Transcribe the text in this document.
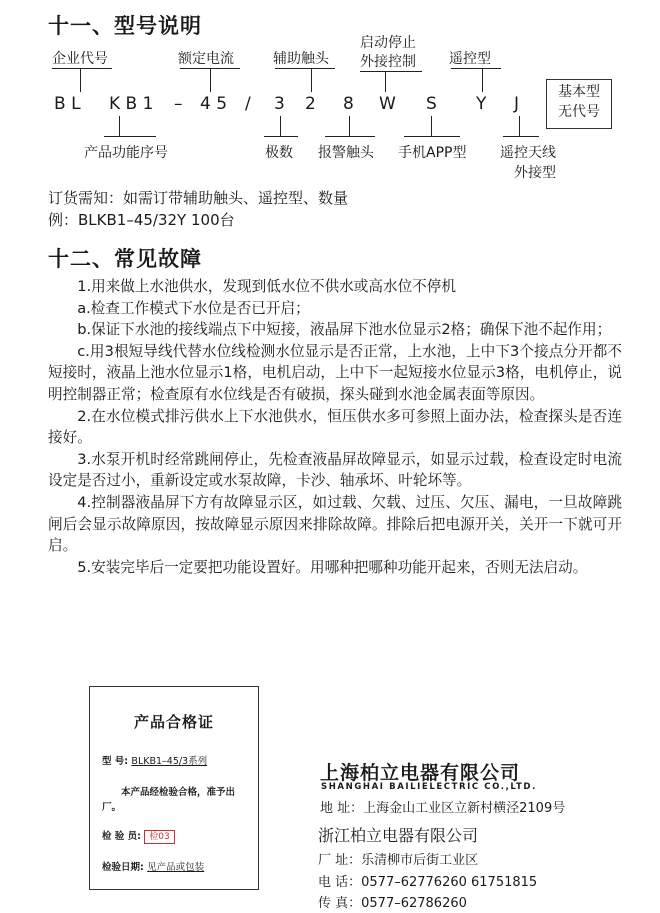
十一、型号说明
企业代号	额定电流	辅助触头
启动停止
外接控制 遥控型
B L K B 1 – 4 5 / 3 2 8 W S Y J
基本型
无代号
产品功能序号	极数 报警触头 手机APP型 遥控天线
外接型
订货需知：如需订带辅助触头、遥控型、数量
例：BLKB1–45/32Y 100台
十二、常见故障

1.用来做上水池供水，发现到低水位不供水或高水位不停机

a.检查工作模式下水位是否已开启；

b.保证下水池的接线端点下中短接，液晶屏下池水位显示2格；确保下池不起作用；

c.用3根短导线代替水位线检测水位显示是否正常，上水池，上中下3个接点分开都不短接时，液晶上池水位显示1格，电机启动，上中下一起短接水位显示3格，电机停止，说明控制器正常；检查原有水位线是否有破损，探头碰到水池金属表面等原因。

2.在水位模式排污供水上下水池供水，恒压供水多可参照上面办法，检查探头是否连接好。

3.水泵开机时经常跳闸停止，先检查液晶屏故障显示，如显示过载，检查设定时电流设定是否过小，重新设定或水泵故障，卡沙、轴承坏、叶轮坏等。

4.控制器液晶屏下方有故障显示区，如过载、欠载、过压、欠压、漏电，一旦故障跳闸后会显示故障原因，按故障显示原因来排除故障。排除后把电源开关，关开一下就可开启。

5.安装完毕后一定要把功能设置好。用哪种把哪种功能开起来，否则无法启动。

产品合格证
型 号: BLKB1–45/3系列
本产品经检验合格，准予出厂。
检 验 员: 检03
检验日期: 见产品或包装
上海柏立电器有限公司
SHANGHAI BAILIELECTRIC CO.,LTD.
地 址：上海金山工业区立新村横泾2109号
浙江柏立电器有限公司
厂 址：乐清柳市后街工业区
电 话：0577–62776260 61751815
传 真：0577–62786260
